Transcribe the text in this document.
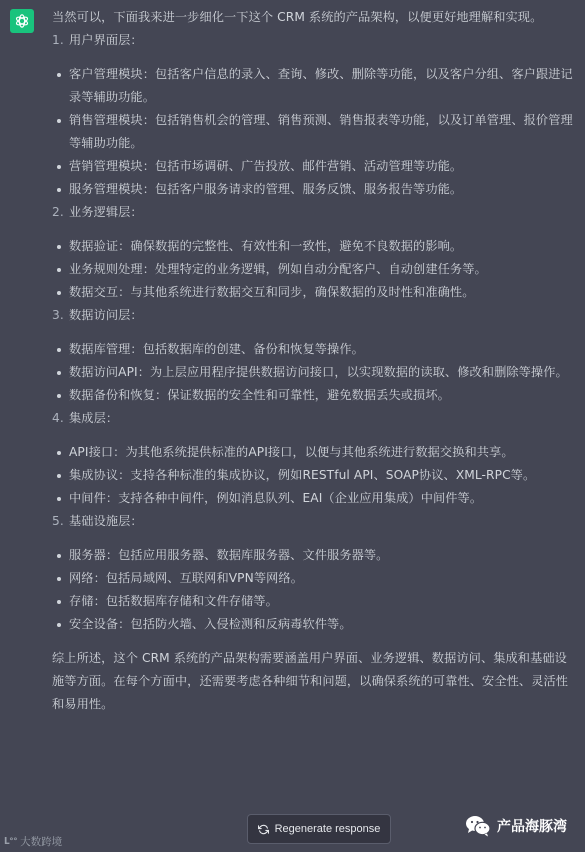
当然可以，下面我来进一步细化一下这个 CRM 系统的产品架构，以便更好地理解和实现。

1. 用户界面层：

客户管理模块：包括客户信息的录入、查询、修改、删除等功能，以及客户分组、客户跟进记录等辅助功能。
销售管理模块：包括销售机会的管理、销售预测、销售报表等功能，以及订单管理、报价管理等辅助功能。
营销管理模块：包括市场调研、广告投放、邮件营销、活动管理等功能。
服务管理模块：包括客户服务请求的管理、服务反馈、服务报告等功能。

2. 业务逻辑层：

数据验证：确保数据的完整性、有效性和一致性，避免不良数据的影响。
业务规则处理：处理特定的业务逻辑，例如自动分配客户、自动创建任务等。
数据交互：与其他系统进行数据交互和同步，确保数据的及时性和准确性。

3. 数据访问层：

数据库管理：包括数据库的创建、备份和恢复等操作。
数据访问API：为上层应用程序提供数据访问接口，以实现数据的读取、修改和删除等操作。
数据备份和恢复：保证数据的安全性和可靠性，避免数据丢失或损坏。

4. 集成层：

API接口：为其他系统提供标准的API接口，以便与其他系统进行数据交换和共享。
集成协议：支持各种标准的集成协议，例如RESTful API、SOAP协议、XML-RPC等。
中间件：支持各种中间件，例如消息队列、EAI（企业应用集成）中间件等。

5. 基础设施层：

服务器：包括应用服务器、数据库服务器、文件服务器等。
网络：包括局域网、互联网和VPN等网络。
存储：包括数据库存储和文件存储等。
安全设备：包括防火墙、入侵检测和反病毒软件等。

综上所述，这个 CRM 系统的产品架构需要涵盖用户界面、业务逻辑、数据访问、集成和基础设施等方面。在每个方面中，还需要考虑各种细节和问题，以确保系统的可靠性、安全性、灵活性和易用性。

ᒪ°° 大数跨境
Regenerate response	产品海豚湾
